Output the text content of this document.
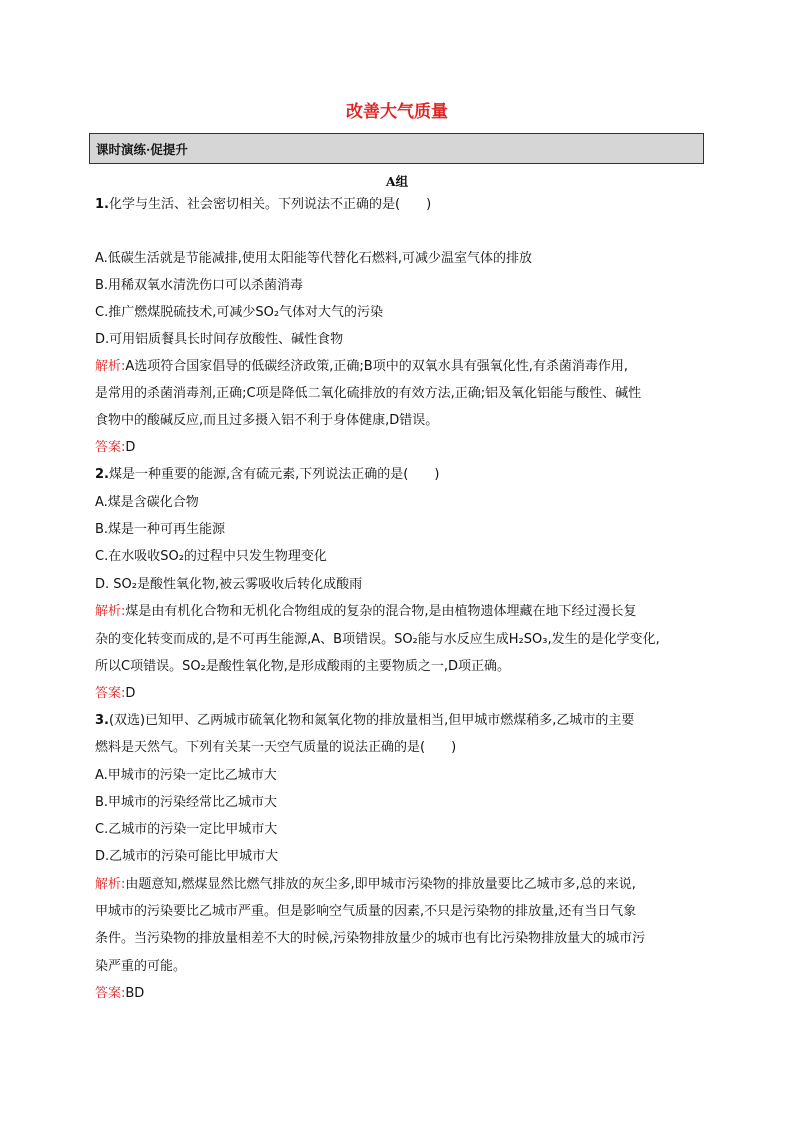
改善大气质量
课时演练·促提升
A组
1.化学与生活、社会密切相关。下列说法不正确的是( )
A.低碳生活就是节能减排,使用太阳能等代替化石燃料,可减少温室气体的排放
B.用稀双氧水清洗伤口可以杀菌消毒
C.推广燃煤脱硫技术,可减少SO₂气体对大气的污染
D.可用铝质餐具长时间存放酸性、碱性食物
解析:A选项符合国家倡导的低碳经济政策,正确;B项中的双氧水具有强氧化性,有杀菌消毒作用,
是常用的杀菌消毒剂,正确;C项是降低二氧化硫排放的有效方法,正确;铝及氧化铝能与酸性、碱性
食物中的酸碱反应,而且过多摄入铝不利于身体健康,D错误。
答案:D
2.煤是一种重要的能源,含有硫元素,下列说法正确的是( )
A.煤是含碳化合物
B.煤是一种可再生能源
C.在水吸收SO₂的过程中只发生物理变化
D. SO₂是酸性氧化物,被云雾吸收后转化成酸雨
解析:煤是由有机化合物和无机化合物组成的复杂的混合物,是由植物遗体埋藏在地下经过漫长复
杂的变化转变而成的,是不可再生能源,A、B项错误。SO₂能与水反应生成H₂SO₃,发生的是化学变化,
所以C项错误。SO₂是酸性氧化物,是形成酸雨的主要物质之一,D项正确。
答案:D
3.(双选)已知甲、乙两城市硫氧化物和氮氧化物的排放量相当,但甲城市燃煤稍多,乙城市的主要
燃料是天然气。下列有关某一天空气质量的说法正确的是( )
A.甲城市的污染一定比乙城市大
B.甲城市的污染经常比乙城市大
C.乙城市的污染一定比甲城市大
D.乙城市的污染可能比甲城市大
解析:由题意知,燃煤显然比燃气排放的灰尘多,即甲城市污染物的排放量要比乙城市多,总的来说,
甲城市的污染要比乙城市严重。但是影响空气质量的因素,不只是污染物的排放量,还有当日气象
条件。当污染物的排放量相差不大的时候,污染物排放量少的城市也有比污染物排放量大的城市污
染严重的可能。
答案:BD
